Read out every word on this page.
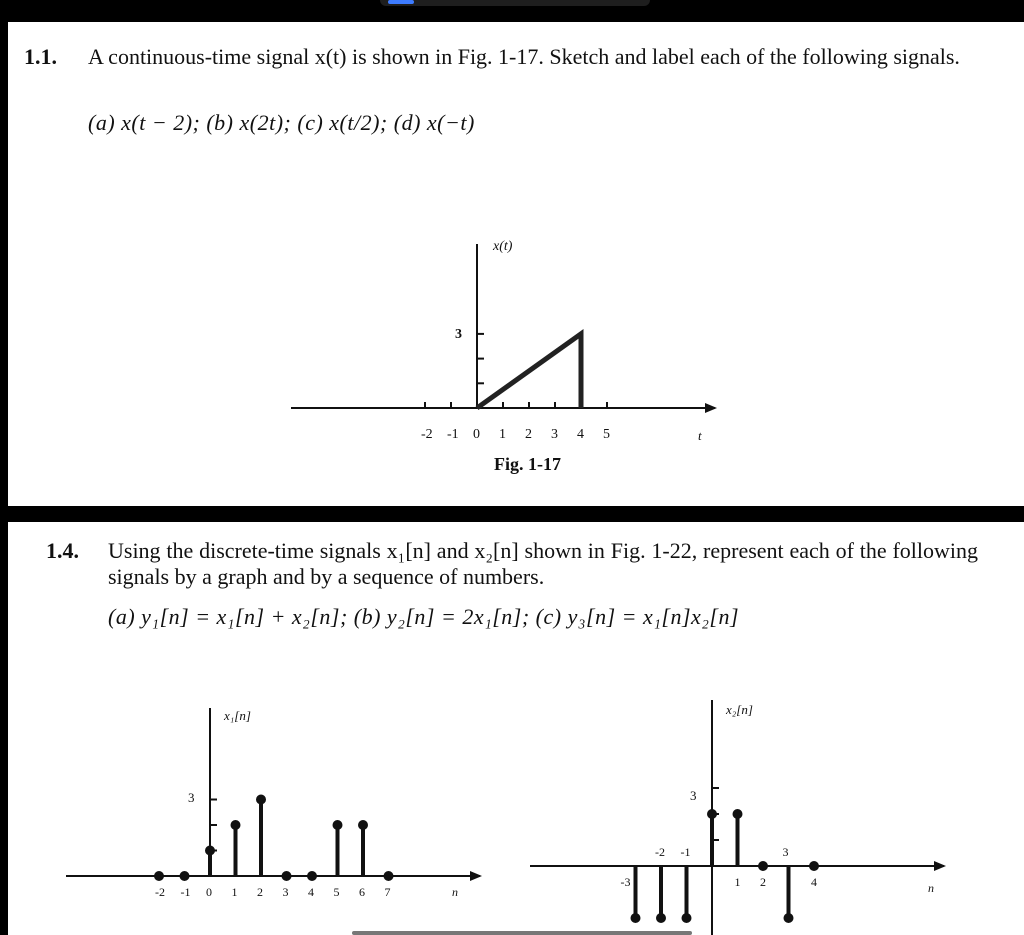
1.1. A continuous-time signal x(t) is shown in Fig. 1-17. Sketch and label each of the following signals.
(a) x(t − 2); (b) x(2t); (c) x(t/2); (d) x(−t)
-2 -1 0 1 2 3 4 5
x(t)
3
t
Fig. 1-17
1.4. Using the discrete-time signals x₁[n] and x₂[n] shown in Fig. 1-22, represent each of the following signals by a graph and by a sequence of numbers.
(a) y₁[n] = x₁[n] + x₂[n]; (b) y₂[n] = 2x₁[n]; (c) y₃[n] = x₁[n]x₂[n]
-2 -1 0 1 2 3 4 5 6 7
x₁[n]
3
n
-2 -1	3
-3	1 2	4
x₂[n]
3
n
